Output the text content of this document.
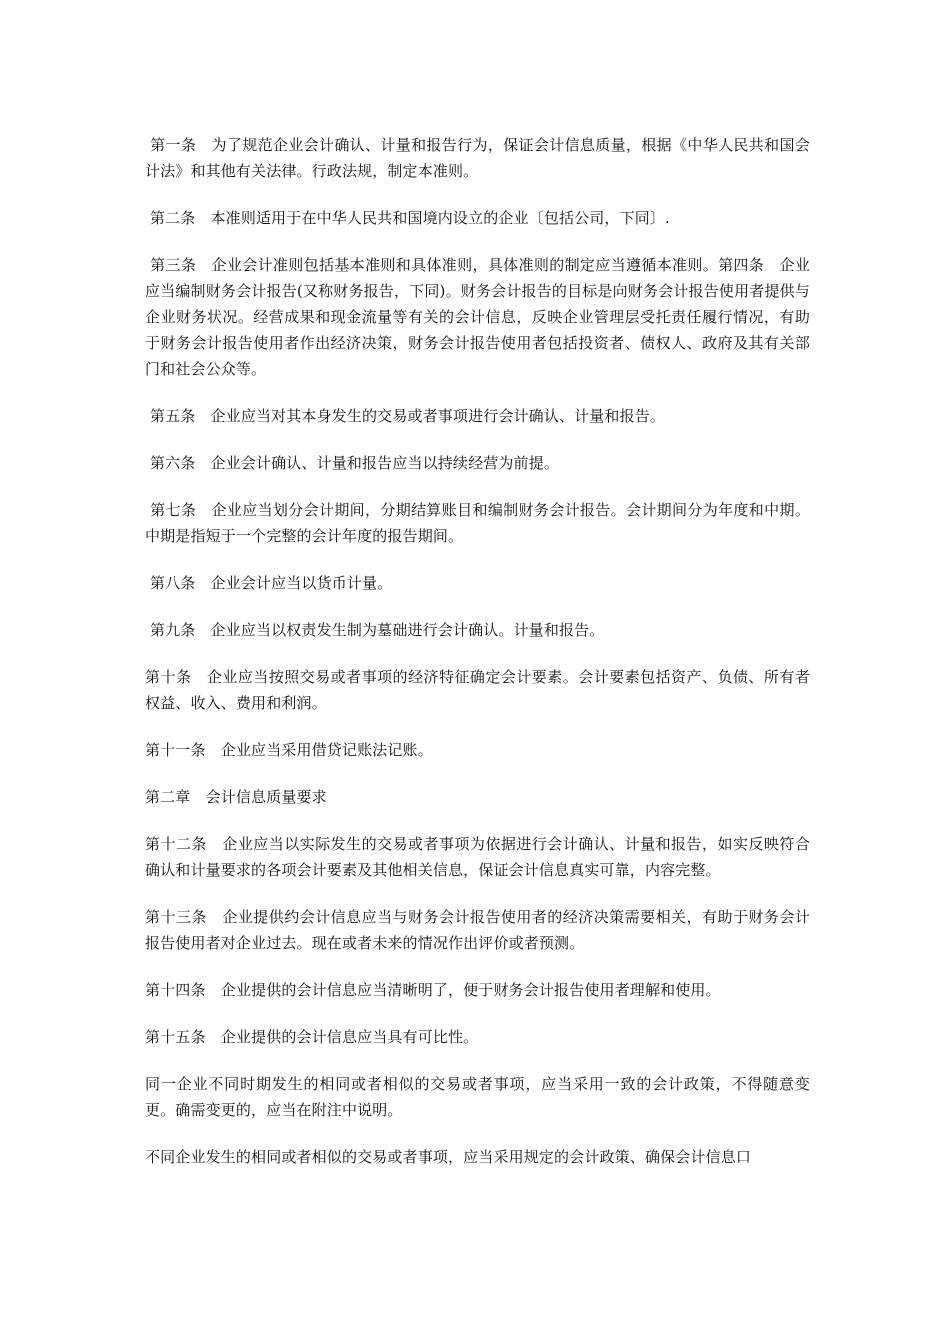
第一条　为了规范企业会计确认、计量和报告行为，保证会计信息质量，根据《中华人民共和国会计法》和其他有关法律。行政法规，制定本准则。

第二条　本准则适用于在中华人民共和国境内设立的企业〔包括公司，下同〕.

第三条　企业会计准则包括基本准则和具体准则，具体准则的制定应当遵循本准则。第四条　企业应当编制财务会计报告(又称财务报告，下同)。财务会计报告的目标是向财务会计报告使用者提供与企业财务状况。经营成果和现金流量等有关的会计信息，反映企业管理层受托责任履行情况，有助于财务会计报告使用者作出经济决策，财务会计报告使用者包括投资者、债权人、政府及其有关部门和社会公众等。

第五条　企业应当对其本身发生的交易或者事项进行会计确认、计量和报告。

第六条　企业会计确认、计量和报告应当以持续经营为前提。

第七条　企业应当划分会计期间，分期结算账目和编制财务会计报告。会计期间分为年度和中期。中期是指短于一个完整的会计年度的报告期间。

第八条　企业会计应当以货币计量。

第九条　企业应当以权责发生制为墓础进行会计确认。计量和报告。

第十条　企业应当按照交易或者事项的经济特征确定会计要素。会计要素包括资产、负债、所有者权益、收入、费用和利润。

第十一条　企业应当采用借贷记账法记账。

第二章　会计信息质量要求

第十二条　企业应当以实际发生的交易或者事项为依据进行会计确认、计量和报告，如实反映符合确认和计量要求的各项会计要素及其他相关信息，保证会计信息真实可靠，内容完整。

第十三条　企业提供约会计信息应当与财务会计报告使用者的经济决策需要相关，有助于财务会计报告使用者对企业过去。现在或者未来的情况作出评价或者预测。

第十四条　企业提供的会计信息应当清晰明了，便于财务会计报告使用者理解和使用。

第十五条　企业提供的会计信息应当具有可比性。

同一企业不同时期发生的相同或者相似的交易或者事项，应当采用一致的会计政策，不得随意变更。确需变更的，应当在附注中说明。

不同企业发生的相同或者相似的交易或者事项，应当采用规定的会计政策、确保会计信息口
